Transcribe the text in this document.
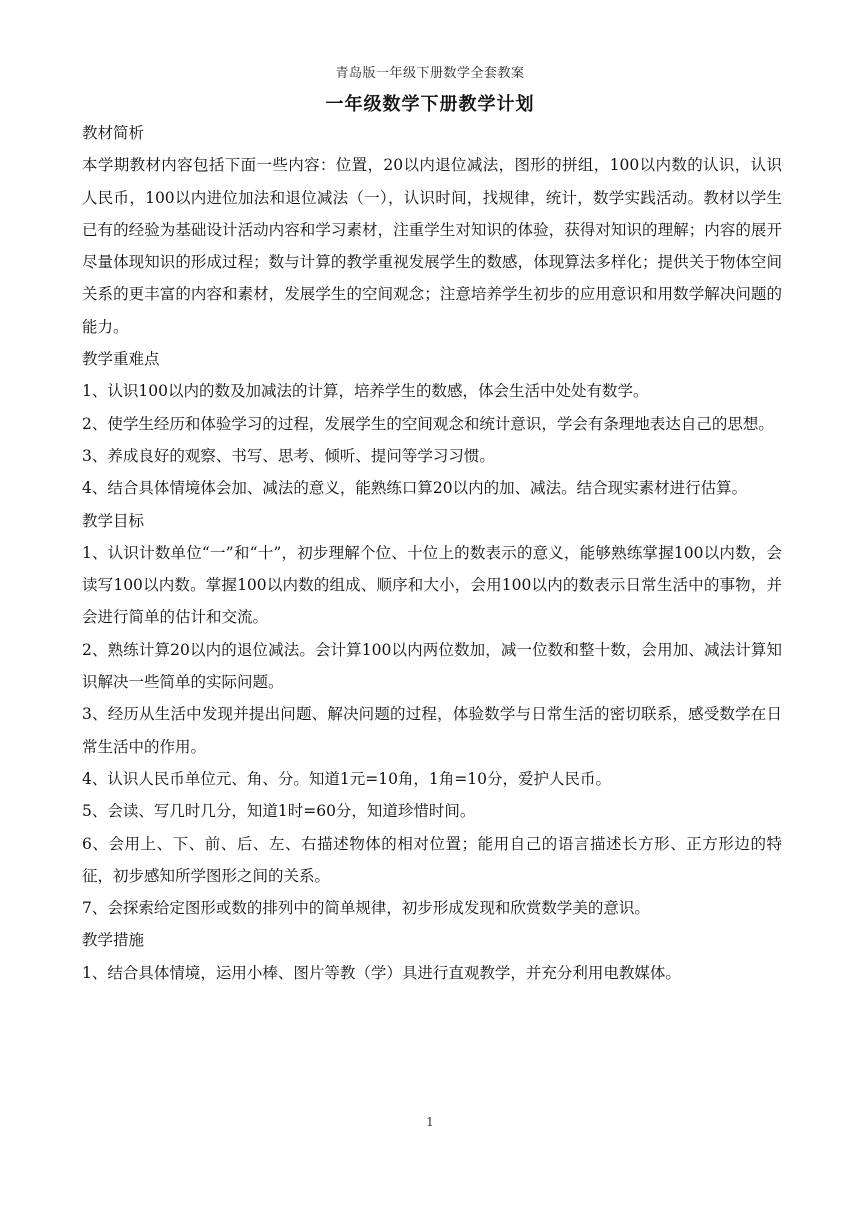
青岛版一年级下册数学全套教案
一年级数学下册教学计划

教材简析

本学期教材内容包括下面一些内容：位置，20以内退位减法，图形的拼组，100以内数的认识，认识人民币，100以内进位加法和退位减法（一），认识时间，找规律，统计，数学实践活动。教材以学生已有的经验为基础设计活动内容和学习素材，注重学生对知识的体验，获得对知识的理解；内容的展开尽量体现知识的形成过程；数与计算的教学重视发展学生的数感，体现算法多样化；提供关于物体空间关系的更丰富的内容和素材，发展学生的空间观念；注意培养学生初步的应用意识和用数学解决问题的能力。

教学重难点

1、认识100以内的数及加减法的计算，培养学生的数感，体会生活中处处有数学。

2、使学生经历和体验学习的过程，发展学生的空间观念和统计意识，学会有条理地表达自己的思想。

3、养成良好的观察、书写、思考、倾听、提问等学习习惯。

4、结合具体情境体会加、减法的意义，能熟练口算20以内的加、减法。结合现实素材进行估算。

教学目标

1、认识计数单位“一”和“十”，初步理解个位、十位上的数表示的意义，能够熟练掌握100以内数，会读写100以内数。掌握100以内数的组成、顺序和大小，会用100以内的数表示日常生活中的事物，并会进行简单的估计和交流。

2、熟练计算20以内的退位减法。会计算100以内两位数加，减一位数和整十数，会用加、减法计算知识解决一些简单的实际问题。

3、经历从生活中发现并提出问题、解决问题的过程，体验数学与日常生活的密切联系，感受数学在日常生活中的作用。

4、认识人民币单位元、角、分。知道1元=10角，1角=10分，爱护人民币。

5、会读、写几时几分，知道1时=60分，知道珍惜时间。

6、会用上、下、前、后、左、右描述物体的相对位置；能用自己的语言描述长方形、正方形边的特征，初步感知所学图形之间的关系。

7、会探索给定图形或数的排列中的简单规律，初步形成发现和欣赏数学美的意识。

教学措施

1、结合具体情境，运用小棒、图片等教（学）具进行直观教学，并充分利用电教媒体。

1
